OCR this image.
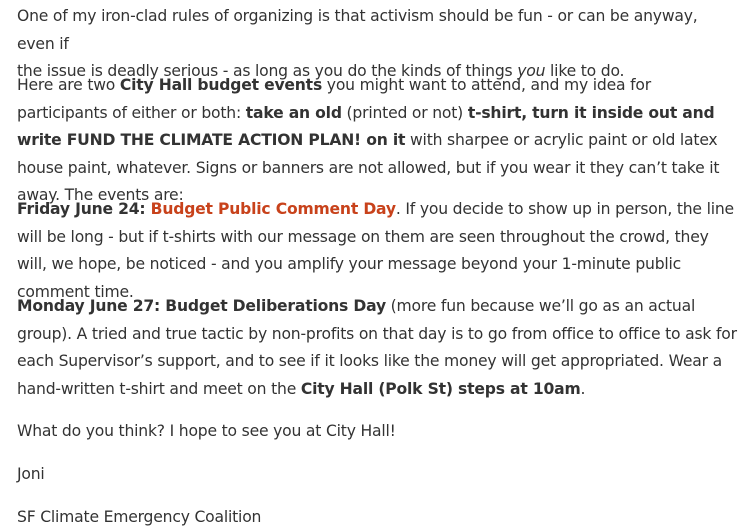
One of my iron-clad rules of organizing is that activism should be fun - or can be anyway, even if
the issue is deadly serious - as long as you do the kinds of things you like to do.

Here are two City Hall budget events you might want to attend, and my idea for participants of either or both: take an old (printed or not) t-shirt, turn it inside out and write FUND THE CLIMATE ACTION PLAN! on it with sharpee or acrylic paint or old latex house paint, whatever. Signs or banners are not allowed, but if you wear it they can’t take it away. The events are:

Friday June 24: Budget Public Comment Day. If you decide to show up in person, the line will be long - but if t-shirts with our message on them are seen throughout the crowd, they will, we hope, be noticed - and you amplify your message beyond your 1-minute public comment time.

Monday June 27: Budget Deliberations Day (more fun because we’ll go as an actual group). A tried and true tactic by non-profits on that day is to go from office to office to ask for each Supervisor’s support, and to see if it looks like the money will get appropriated. Wear a hand-written t-shirt and meet on the City Hall (Polk St) steps at 10am.

What do you think? I hope to see you at City Hall!

Joni

SF Climate Emergency Coalition
